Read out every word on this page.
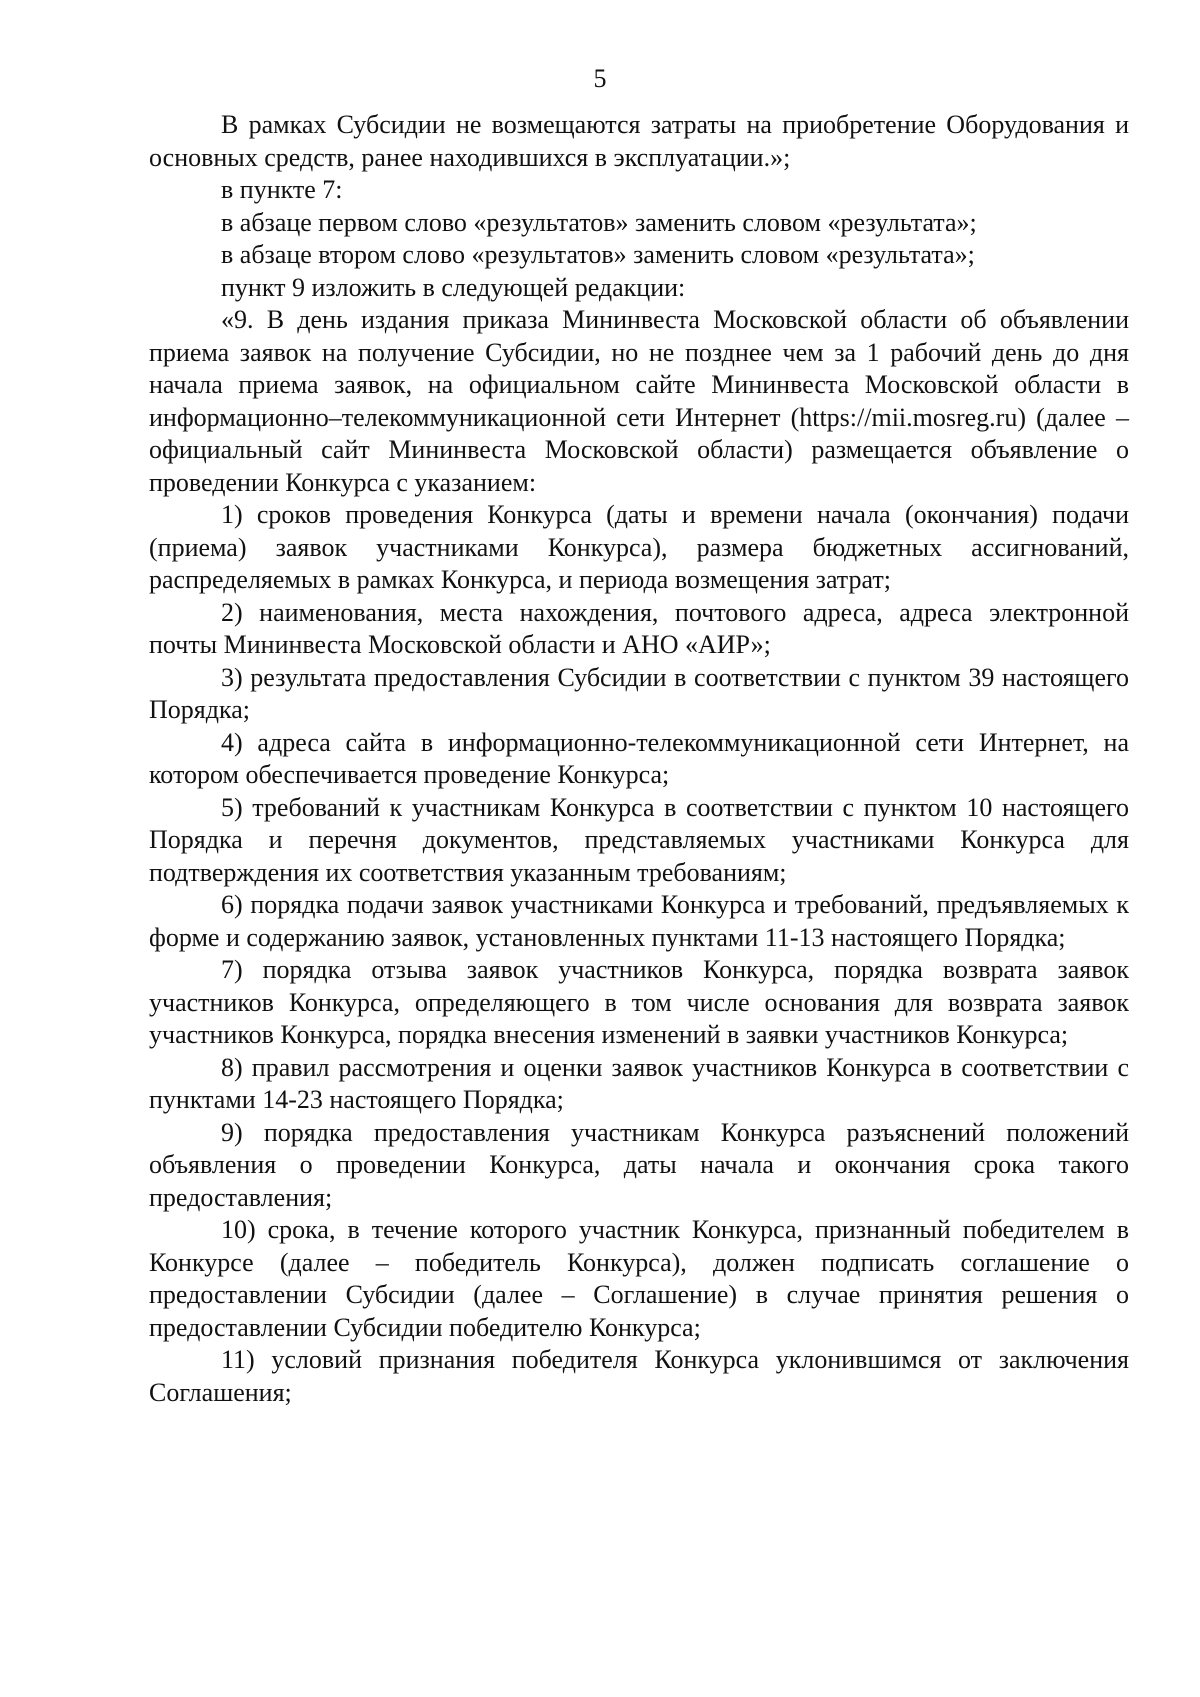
5

В рамках Субсидии не возмещаются затраты на приобретение Оборудования и основных средств, ранее находившихся в эксплуатации.»;

в пункте 7:

в абзаце первом слово «результатов» заменить словом «результата»;

в абзаце втором слово «результатов» заменить словом «результата»;

пункт 9 изложить в следующей редакции:

«9. В день издания приказа Мининвеста Московской области об объявлении приема заявок на получение Субсидии, но не позднее чем за 1 рабочий день до дня начала приема заявок, на официальном сайте Мининвеста Московской области в информационно–телекоммуникационной сети Интернет (https://mii.mosreg.ru) (далее – официальный сайт Мининвеста Московской области) размещается объявление о проведении Конкурса с указанием:

1) сроков проведения Конкурса (даты и времени начала (окончания) подачи (приема) заявок участниками Конкурса), размера бюджетных ассигнований, распределяемых в рамках Конкурса, и периода возмещения затрат;

2) наименования, места нахождения, почтового адреса, адреса электронной почты Мининвеста Московской области и АНО «АИР»;

3) результата предоставления Субсидии в соответствии с пунктом 39 настоящего Порядка;

4) адреса сайта в информационно-телекоммуникационной сети Интернет, на котором обеспечивается проведение Конкурса;

5) требований к участникам Конкурса в соответствии с пунктом 10 настоящего Порядка и перечня документов, представляемых участниками Конкурса для подтверждения их соответствия указанным требованиям;

6) порядка подачи заявок участниками Конкурса и требований, предъявляемых к форме и содержанию заявок, установленных пунктами 11-13 настоящего Порядка;

7) порядка отзыва заявок участников Конкурса, порядка возврата заявок участников Конкурса, определяющего в том числе основания для возврата заявок участников Конкурса, порядка внесения изменений в заявки участников Конкурса;

8) правил рассмотрения и оценки заявок участников Конкурса в соответствии с пунктами 14-23 настоящего Порядка;

9) порядка предоставления участникам Конкурса разъяснений положений объявления о проведении Конкурса, даты начала и окончания срока такого предоставления;

10) срока, в течение которого участник Конкурса, признанный победителем в Конкурсе (далее – победитель Конкурса), должен подписать соглашение о предоставлении Субсидии (далее – Соглашение) в случае принятия решения о предоставлении Субсидии победителю Конкурса;

11) условий признания победителя Конкурса уклонившимся от заключения Соглашения;
